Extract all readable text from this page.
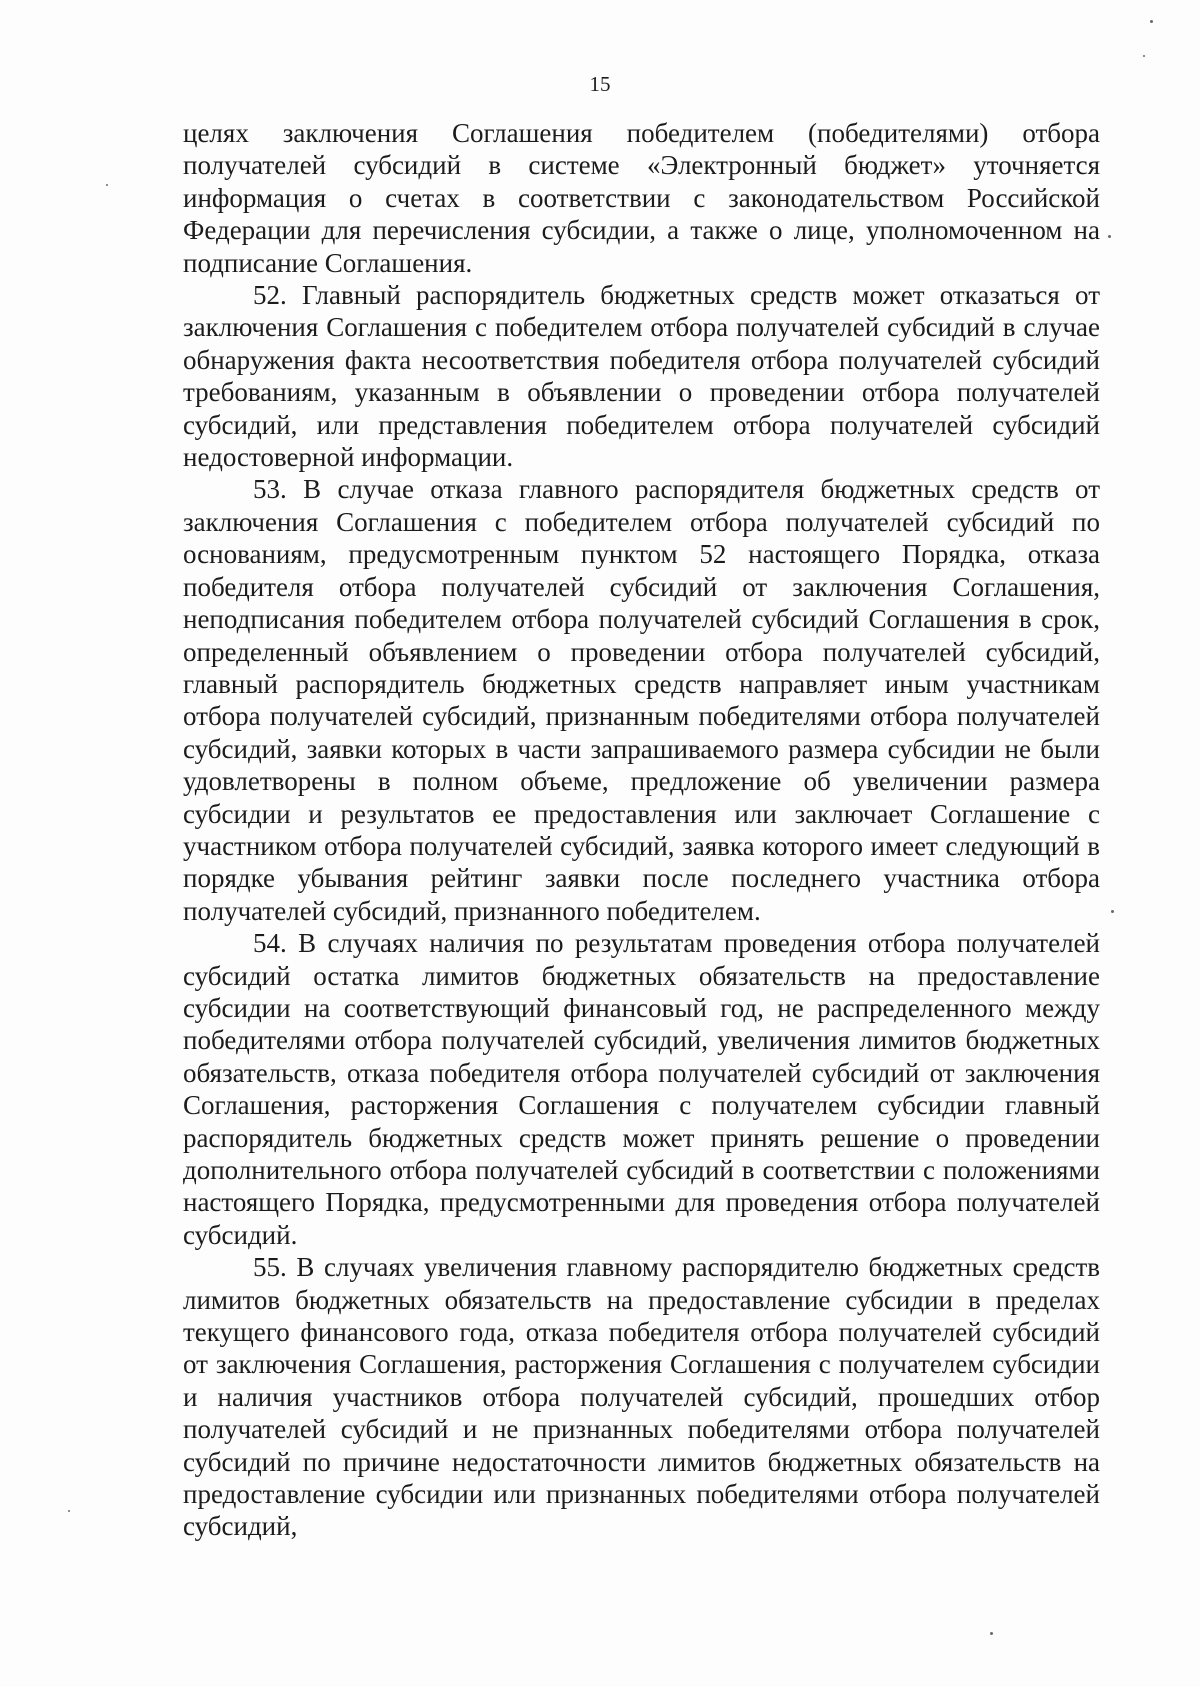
15

целях заключения Соглашения победителем (победителями) отбора получателей субсидий в системе «Электронный бюджет» уточняется информация о счетах в соответствии с законодательством Российской Федерации для перечисления субсидии, а также о лице, уполномоченном на подписание Соглашения.

52. Главный распорядитель бюджетных средств может отказаться от заключения Соглашения с победителем отбора получателей субсидий в случае обнаружения факта несоответствия победителя отбора получателей субсидий требованиям, указанным в объявлении о проведении отбора получателей субсидий, или представления победителем отбора получателей субсидий недостоверной информации.

53. В случае отказа главного распорядителя бюджетных средств от заключения Соглашения с победителем отбора получателей субсидий по основаниям, предусмотренным пунктом 52 настоящего Порядка, отказа победителя отбора получателей субсидий от заключения Соглашения, неподписания победителем отбора получателей субсидий Соглашения в срок, определенный объявлением о проведении отбора получателей субсидий, главный распорядитель бюджетных средств направляет иным участникам отбора получателей субсидий, признанным победителями отбора получателей субсидий, заявки которых в части запрашиваемого размера субсидии не были удовлетворены в полном объеме, предложение об увеличении размера субсидии и результатов ее предоставления или заключает Соглашение с участником отбора получателей субсидий, заявка которого имеет следующий в порядке убывания рейтинг заявки после последнего участника отбора получателей субсидий, признанного победителем.

54. В случаях наличия по результатам проведения отбора получателей субсидий остатка лимитов бюджетных обязательств на предоставление субсидии на соответствующий финансовый год, не распределенного между победителями отбора получателей субсидий, увеличения лимитов бюджетных обязательств, отказа победителя отбора получателей субсидий от заключения Соглашения, расторжения Соглашения с получателем субсидии главный распорядитель бюджетных средств может принять решение о проведении дополнительного отбора получателей субсидий в соответствии с положениями настоящего Порядка, предусмотренными для проведения отбора получателей субсидий.

55. В случаях увеличения главному распорядителю бюджетных средств лимитов бюджетных обязательств на предоставление субсидии в пределах текущего финансового года, отказа победителя отбора получателей субсидий от заключения Соглашения, расторжения Соглашения с получателем субсидии и наличия участников отбора получателей субсидий, прошедших отбор получателей субсидий и не признанных победителями отбора получателей субсидий по причине недостаточности лимитов бюджетных обязательств на предоставление субсидии или признанных победителями отбора получателей субсидий,
